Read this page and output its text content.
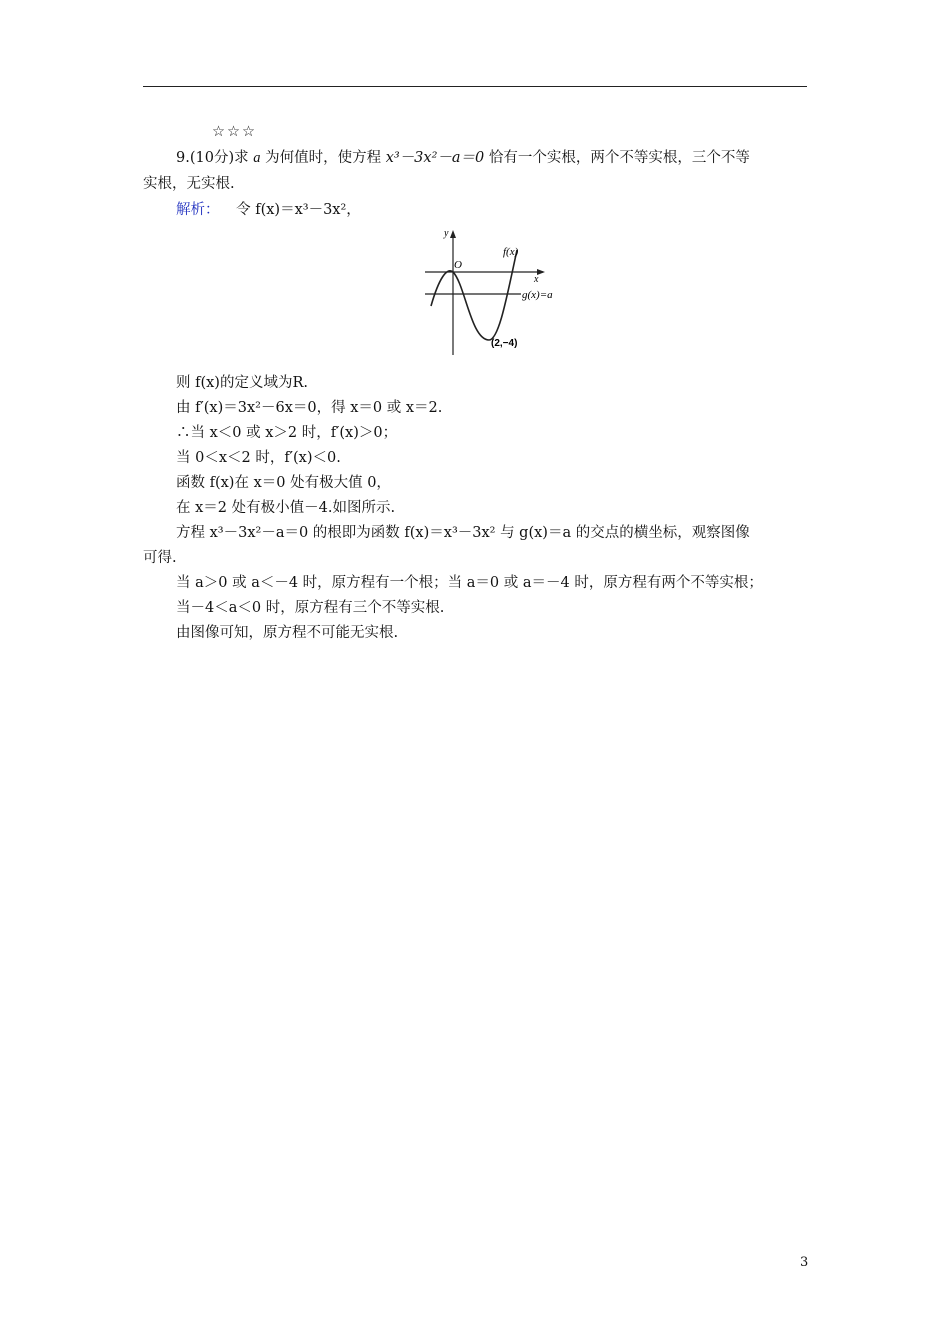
☆☆☆
9.(10分)求 a 为何值时，使方程 x³－3x²－a＝0 恰有一个实根，两个不等实根，三个不等
实根，无实根.
解析： 令 f(x)＝x³－3x²，
y
x
O
f(x)
g(x)=a
(2,−4)
则 f(x)的定义域为R.
由 f′(x)＝3x²－6x＝0，得 x＝0 或 x＝2.
∴当 x＜0 或 x＞2 时，f′(x)＞0；
当 0＜x＜2 时，f′(x)＜0.
函数 f(x)在 x＝0 处有极大值 0，
在 x＝2 处有极小值－4.如图所示.
方程 x³－3x²－a＝0 的根即为函数 f(x)＝x³－3x² 与 g(x)＝a 的交点的横坐标，观察图像
可得.
当 a＞0 或 a＜－4 时，原方程有一个根；当 a＝0 或 a＝－4 时，原方程有两个不等实根；
当－4＜a＜0 时，原方程有三个不等实根.
由图像可知，原方程不可能无实根.
3
